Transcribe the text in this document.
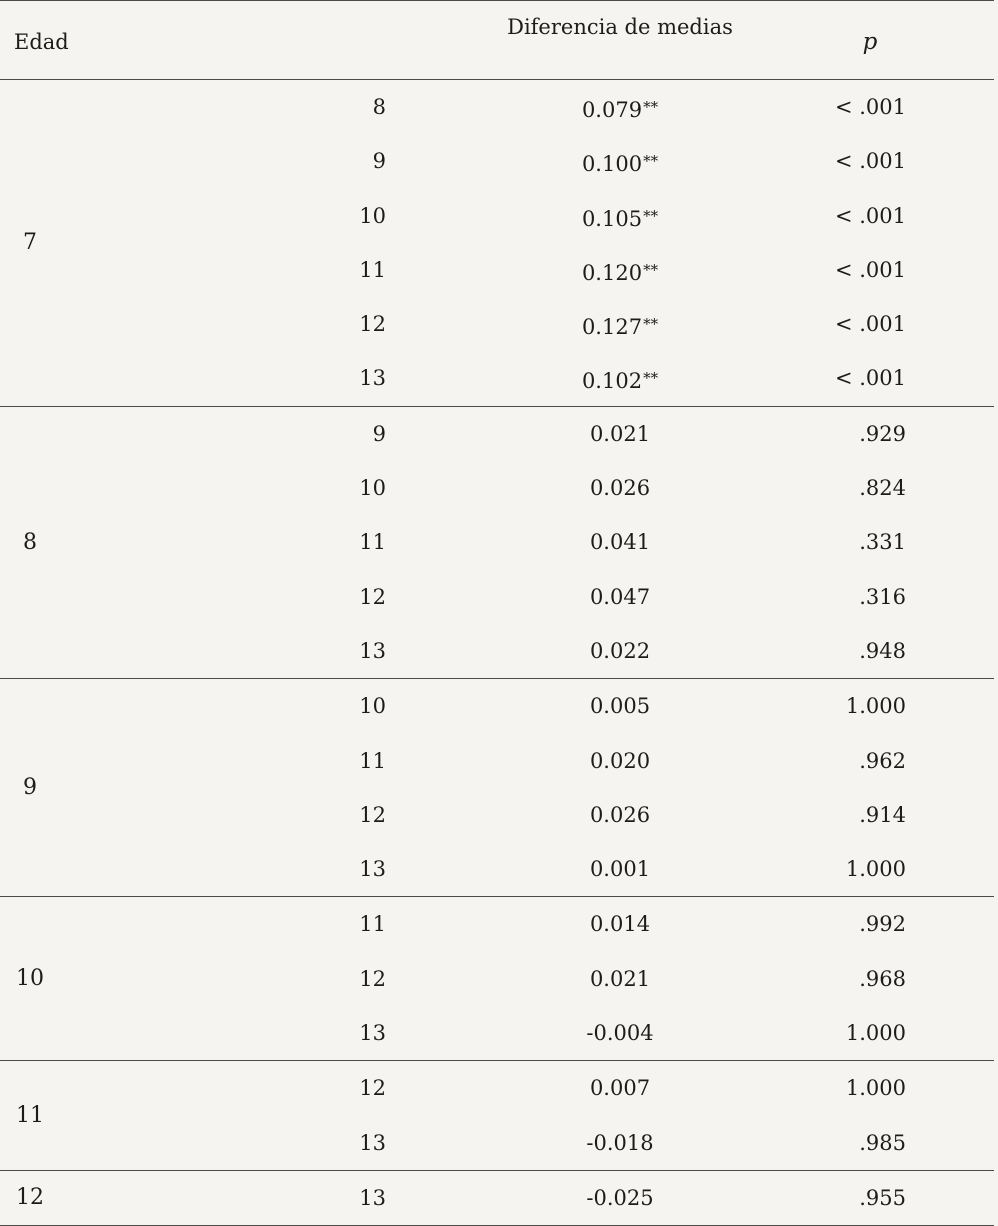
Edad
Diferencia de medias
p
7
8	0.079**	< .001
9	0.100**	< .001
10	0.105**	< .001
11	0.120**	< .001
12	0.127**	< .001
13	0.102**	< .001
8
9	0.021	.929
10	0.026	.824
11	0.041	.331
12	0.047	.316
13	0.022	.948
9
10	0.005	1.000
11	0.020	.962
12	0.026	.914
13	0.001	1.000
10
11	0.014	.992
12	0.021	.968
13	-0.004	1.000
11
12	0.007	1.000
13	-0.018	.985
12	13	-0.025	.955
